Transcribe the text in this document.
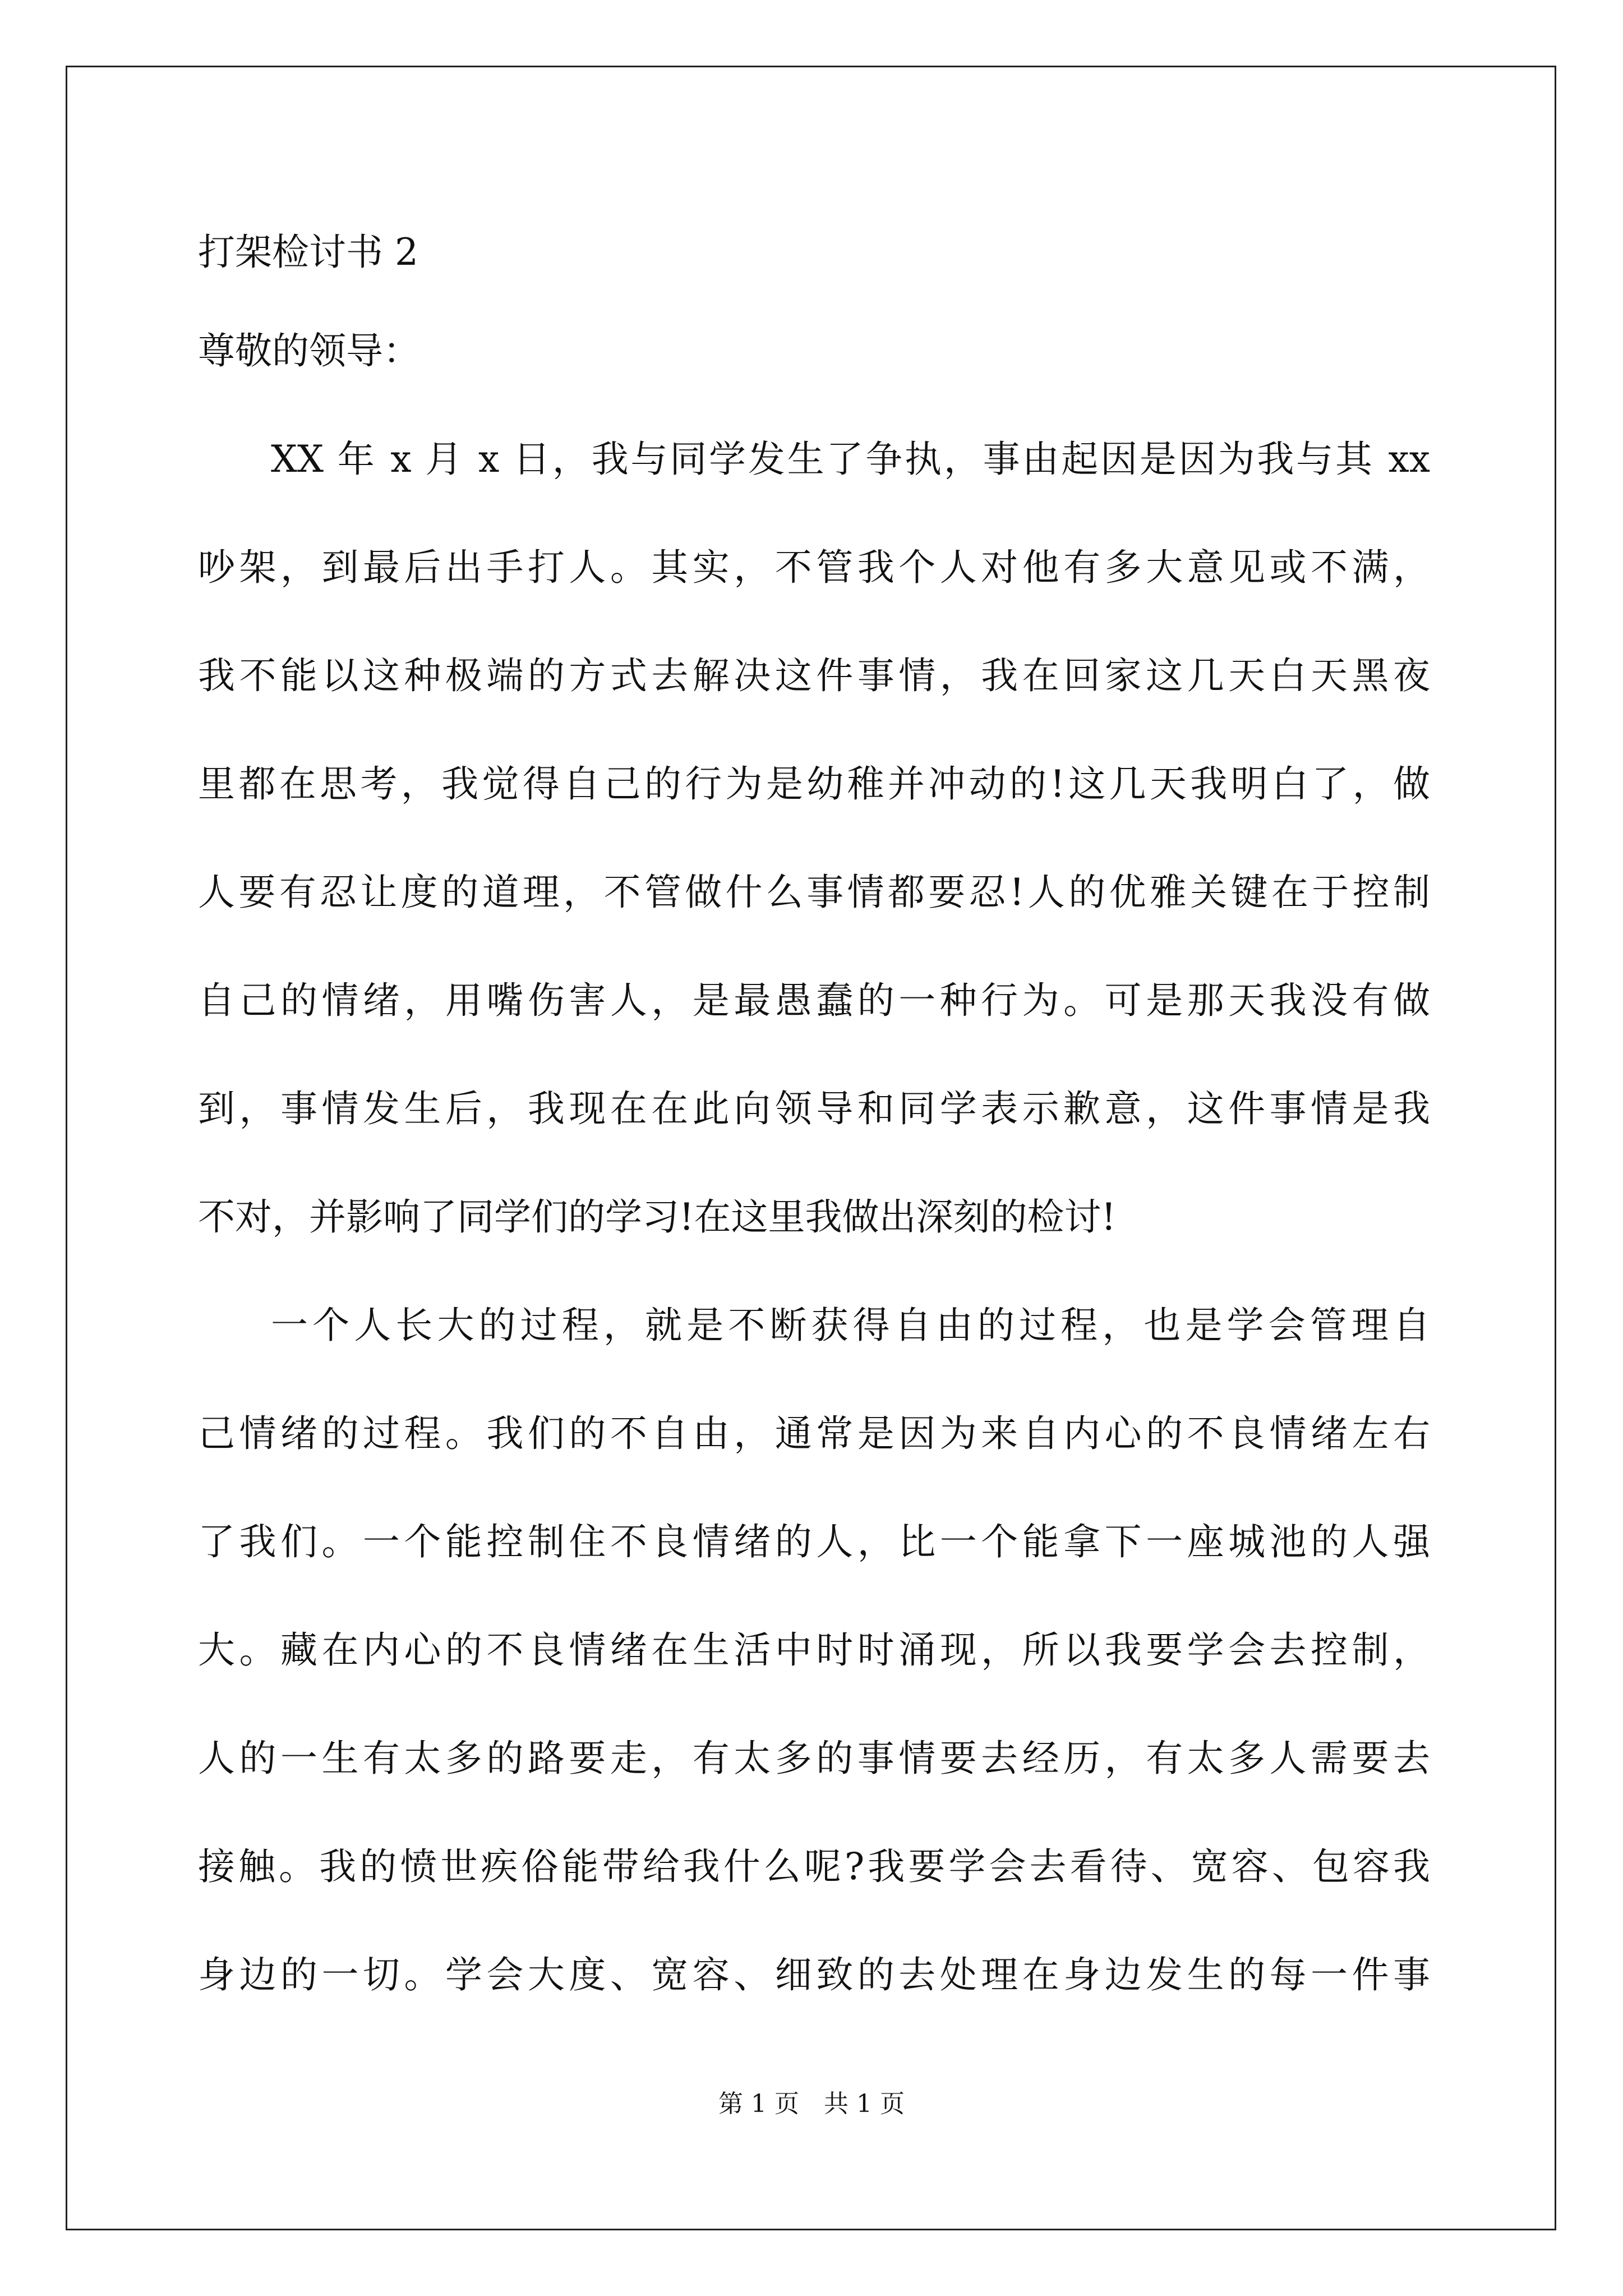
打架检讨书 2
尊敬的领导：
XX 年 x 月 x 日，我与同学发生了争执，事由起因是因为我与其 xx
吵架，到最后出手打人。其实，不管我个人对他有多大意见或不满，
我不能以这种极端的方式去解决这件事情，我在回家这几天白天黑夜
里都在思考，我觉得自己的行为是幼稚并冲动的!这几天我明白了，做
人要有忍让度的道理，不管做什么事情都要忍!人的优雅关键在于控制
自己的情绪，用嘴伤害人，是最愚蠢的一种行为。可是那天我没有做
到，事情发生后，我现在在此向领导和同学表示歉意，这件事情是我
不对，并影响了同学们的学习!在这里我做出深刻的检讨!
一个人长大的过程，就是不断获得自由的过程，也是学会管理自
己情绪的过程。我们的不自由，通常是因为来自内心的不良情绪左右
了我们。一个能控制住不良情绪的人，比一个能拿下一座城池的人强
大。藏在内心的不良情绪在生活中时时涌现，所以我要学会去控制，
人的一生有太多的路要走，有太多的事情要去经历，有太多人需要去
接触。我的愤世疾俗能带给我什么呢?我要学会去看待、宽容、包容我
身边的一切。学会大度、宽容、细致的去处理在身边发生的每一件事
第 1 页 共 1 页
